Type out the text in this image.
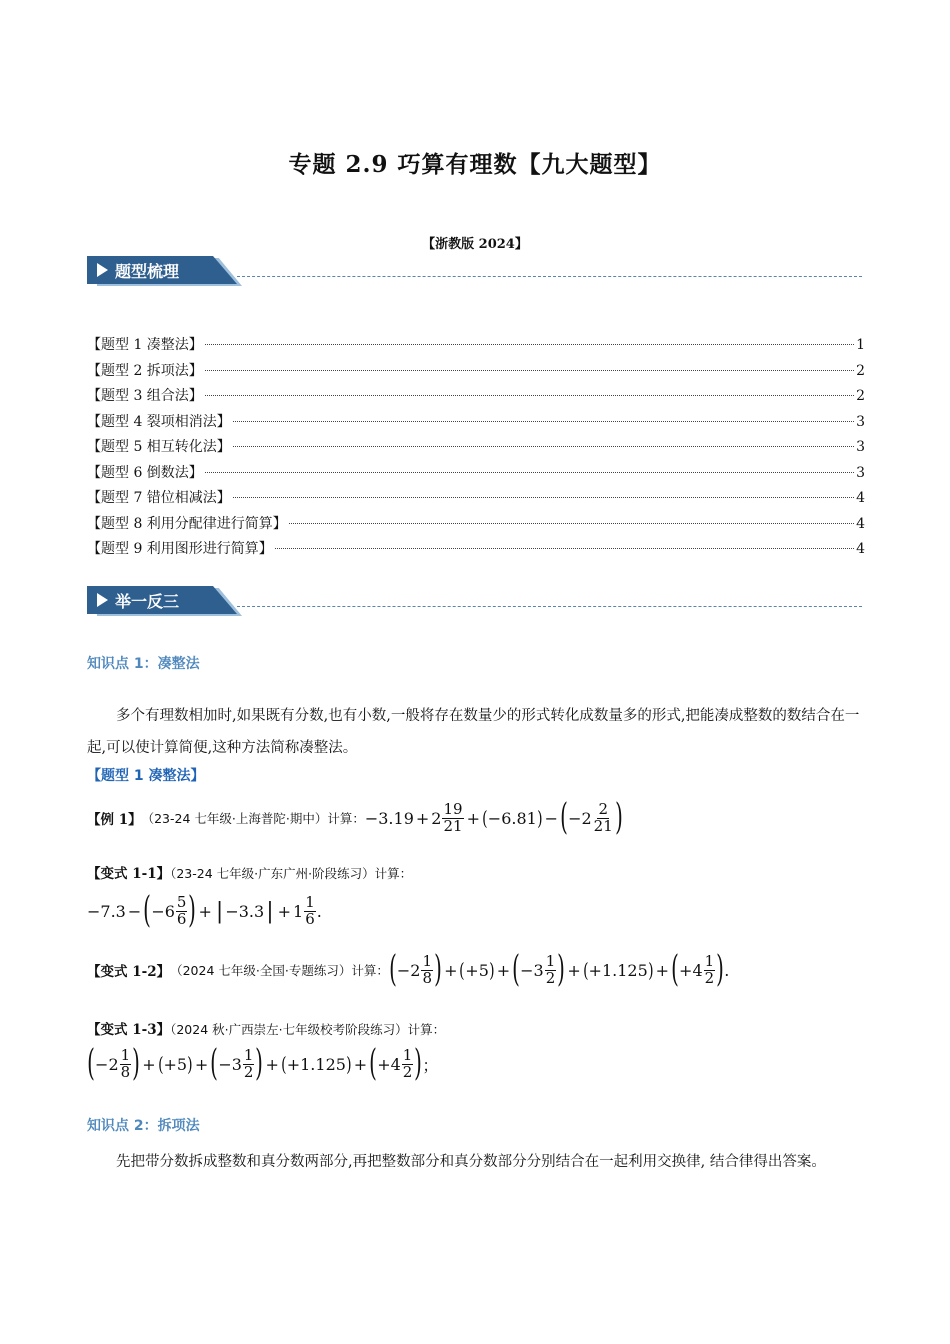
专题 2.9 巧算有理数【九大题型】
【浙教版 2024】
题型梳理
【题型 1 凑整法】	1
【题型 2 拆项法】	2
【题型 3 组合法】	2
【题型 4 裂项相消法】	3
【题型 5 相互转化法】	3
【题型 6 倒数法】	3
【题型 7 错位相减法】	4
【题型 8 利用分配律进行简算】	4
【题型 9 利用图形进行简算】	4
举一反三
知识点 1：凑整法
多个有理数相加时,如果既有分数,也有小数,一般将存在数量少的形式转化成数量多的形式,把能凑成整数的数结合在一起,可以使计算简便,这种方法简称凑整法。
【题型 1 凑整法】
【例 1】 （23-24 七年级·上海普陀·期中）计算： $-3.19 + 2 \frac{19}{21}$ + ( −6.81 ) − ( $-2 \frac{2}{21}$ )
【变式 1-1】（23-24 七年级·广东广州·阶段练习）计算：
−7.3 − ( $-6 \frac{5}{6}$ ) + | −3.3 | + $1 \frac{1}{6}$ .
【变式 1-2】 （2024 七年级·全国·专题练习）计算： ( $-2 \frac{1}{8}$ ) + ( +5 ) + ( $-3 \frac{1}{2}$ ) + ( +1.125 ) + ( $+4 \frac{1}{2}$ ) .
【变式 1-3】（2024 秋·广西崇左·七年级校考阶段练习）计算：
( $-2 \frac{1}{8}$ ) + ( +5 ) + ( $-3 \frac{1}{2}$ ) + ( +1.125 ) + ( $+4 \frac{1}{2}$ ) ；
知识点 2：拆项法
先把带分数拆成整数和真分数两部分,再把整数部分和真分数部分分别结合在一起利用交换律, 结合律得出答案。
